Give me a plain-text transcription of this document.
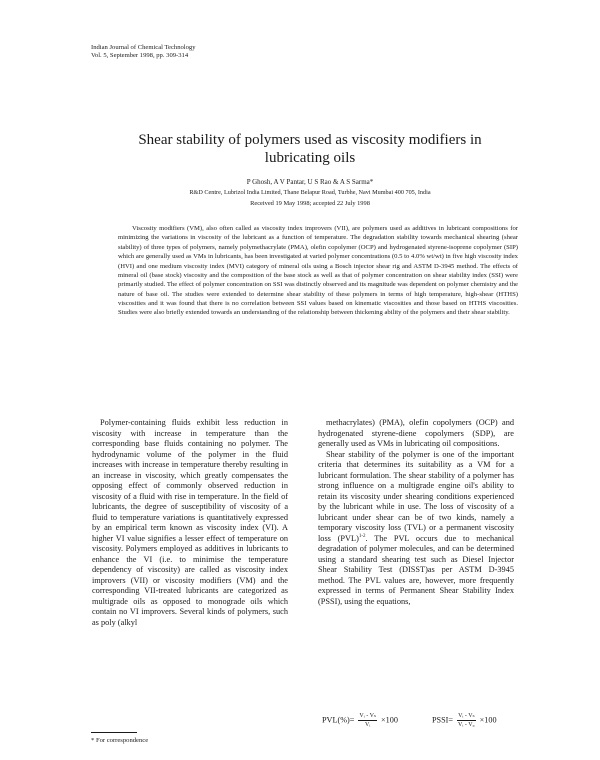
Indian Journal of Chemical Technology
Vol. 5, September 1998, pp. 309-314
Shear stability of polymers used as viscosity modifiers in lubricating oils
P Ghosh, A V Pantar, U S Rao & A S Sarma*
R&D Centre, Lubrizol India Limited, Thane Belapur Road, Turbhe, Navi Mumbai 400 705, India
Received 19 May 1998; accepted 22 July 1998
Viscosity modifiers (VM), also often called as viscosity index improvers (VII), are polymers used as additives in lubricant compositions for minimizing the variations in viscosity of the lubricant as a function of temperature. The degradation stability towards mechanical shearing (shear stability) of three types of polymers, namely polymethacrylate (PMA), olefin copolymer (OCP) and hydrogenated styrene-isoprene copolymer (SIP) which are generally used as VMs in lubricants, has been investigated at varied polymer concentrations (0.5 to 4.0% wt/wt) in five high viscosity index (HVI) and one medium viscosity index (MVI) category of mineral oils using a Bosch injector shear rig and ASTM D-3945 method. The effects of mineral oil (base stock) viscosity and the composition of the base stock as well as that of polymer concentration on shear stability index (SSI) were primarily studied. The effect of polymer concentration on SSI was distinctly observed and its magnitude was dependent on polymer chemistry and the nature of base oil. The studies were extended to determine shear stability of these polymers in terms of high temperature, high-shear (HTHS) viscosities and it was found that there is no correlation between SSI values based on kinematic viscosities and those based on HTHS viscosities. Studies were also briefly extended towards an understanding of the relationship between thickening ability of the polymers and their shear stability.
Polymer-containing fluids exhibit less reduction in viscosity with increase in temperature than the corresponding base fluids containing no polymer. The hydrodynamic volume of the polymer in the fluid increases with increase in temperature thereby resulting in an increase in viscosity, which greatly compensates the opposing effect of commonly observed reduction in viscosity of a fluid with rise in temperature. In the field of lubricants, the degree of susceptibility of viscosity of a fluid to temperature variations is quantitatively expressed by an empirical term known as viscosity index (VI). A higher VI value signifies a lesser effect of temperature on viscosity. Polymers employed as additives in lubricants to enhance the VI (i.e. to minimise the temperature dependency of viscosity) are called as viscosity index improvers (VII) or viscosity modifiers (VM) and the corresponding VII-treated lubricants are categorized as multigrade oils as opposed to monograde oils which contain no VI improvers. Several kinds of polymers, such as poly (alkyl

methacrylates) (PMA), olefin copolymers (OCP) and hydrogenated styrene-diene copolymers (SDP), are generally used as VMs in lubricating oil compositions.

Shear stability of the polymer is one of the important criteria that determines its suitability as a VM for a lubricant formulation. The shear stability of a polymer has strong influence on a multigrade engine oil's ability to retain its viscosity under shearing conditions experienced by the lubricant while in use. The loss of viscosity of a lubricant under shear can be of two kinds, namely a temporary viscosity loss (TVL) or a permanent viscosity loss (PVL)$^{1-2}$. The PVL occurs due to mechanical degradation of polymer molecules, and can be determined using a standard shearing test such as Diesel Injector Shear Stability Test (DISST)as per ASTM D-3945 method. The PVL values are, however, more frequently expressed in terms of Permanent Shear Stability Index (PSSI), using the equations,

$PVL(\%)= \frac{\text{Vᵢ - Vₛ}}{\text{Vᵢ}} \times 100$	PSSI= $\frac{\text{Vᵢ - Vₛ}}{\text{Vᵢ - V₀}} \times 100$
* For correspondence
